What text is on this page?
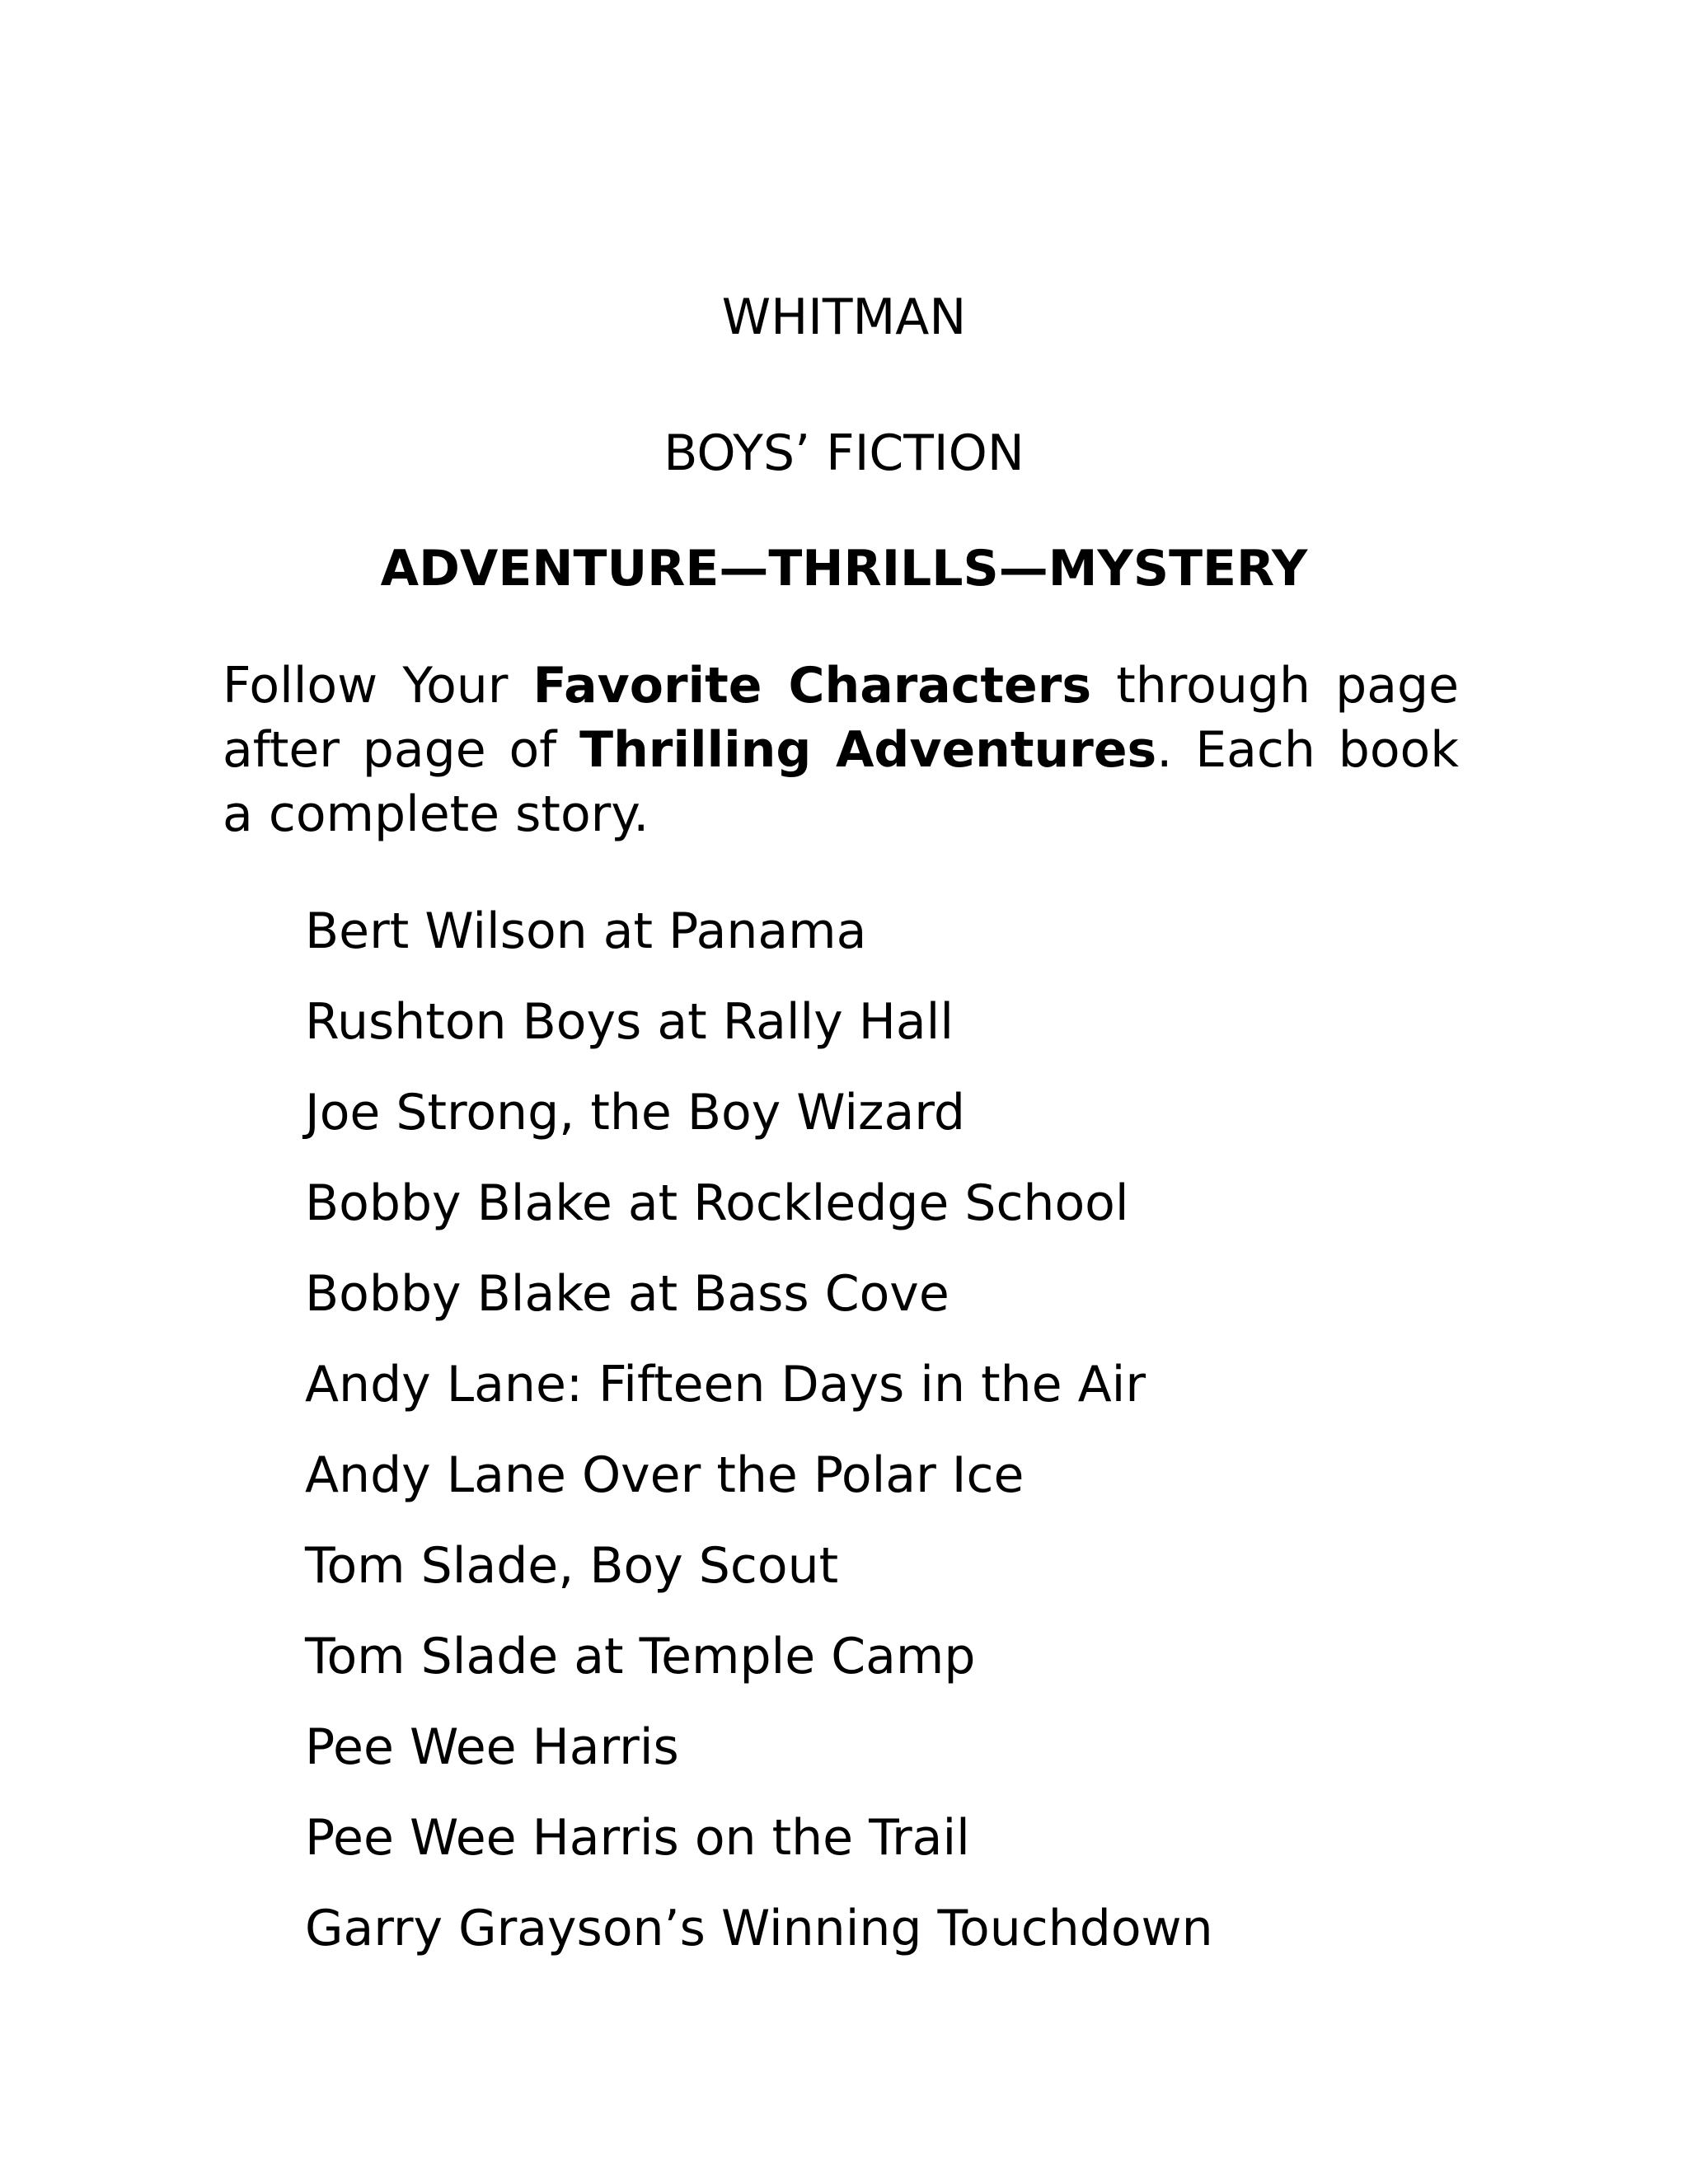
WHITMAN

BOYS’ FICTION

ADVENTURE—THRILLS—MYSTERY

Follow Your Favorite Characters through page after page of Thrilling Adventures. Each book a complete story.

Bert Wilson at Panama
Rushton Boys at Rally Hall
Joe Strong, the Boy Wizard
Bobby Blake at Rockledge School
Bobby Blake at Bass Cove
Andy Lane: Fifteen Days in the Air
Andy Lane Over the Polar Ice
Tom Slade, Boy Scout
Tom Slade at Temple Camp
Pee Wee Harris
Pee Wee Harris on the Trail
Garry Grayson’s Winning Touchdown
